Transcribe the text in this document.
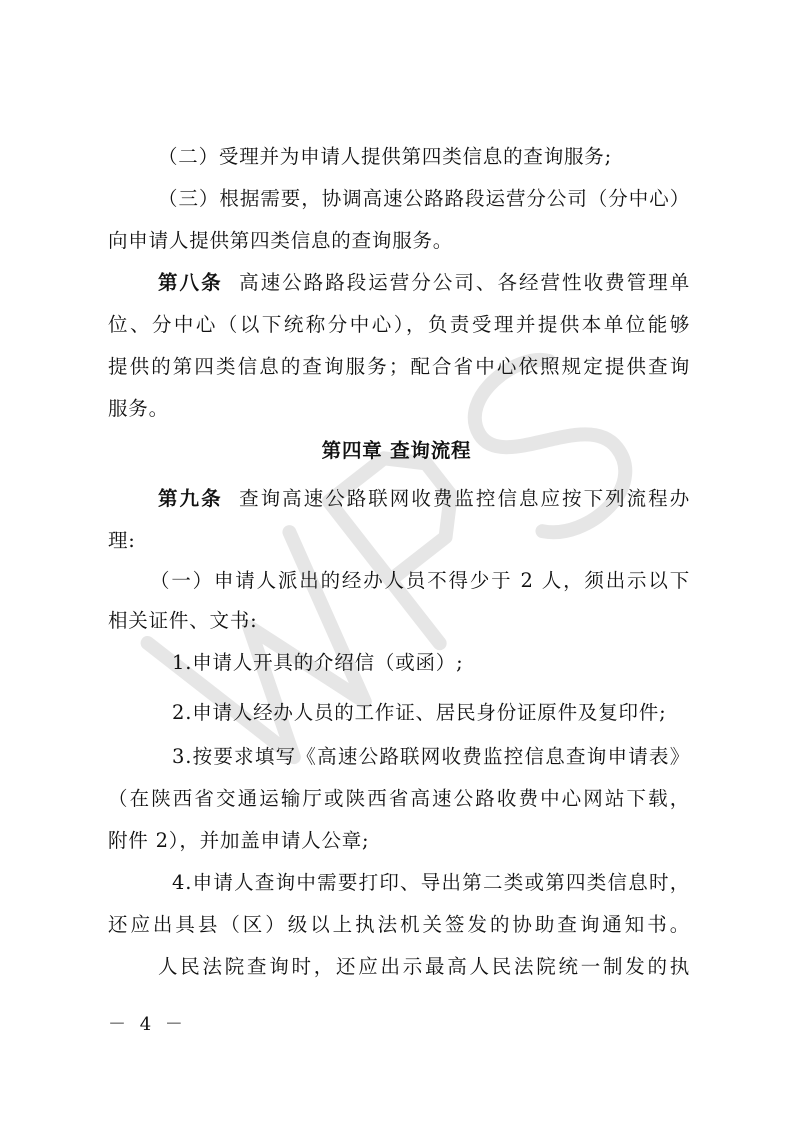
（二）受理并为申请人提供第四类信息的查询服务;
（三）根据需要，协调高速公路路段运营分公司（分中心）
向申请人提供第四类信息的查询服务。
第八条 高速公路路段运营分公司、各经营性收费管理单
位、分中心（以下统称分中心），负责受理并提供本单位能够
提供的第四类信息的查询服务；配合省中心依照规定提供查询
服务。
第四章 查询流程
第九条 查询高速公路联网收费监控信息应按下列流程办
理:
（一）申请人派出的经办人员不得少于 2 人，须出示以下
相关证件、文书:
1.申请人开具的介绍信（或函）;
2.申请人经办人员的工作证、居民身份证原件及复印件;
3.按要求填写《高速公路联网收费监控信息查询申请表》
（在陕西省交通运输厅或陕西省高速公路收费中心网站下载，
附件 2），并加盖申请人公章;
4.申请人查询中需要打印、导出第二类或第四类信息时，
还应出具县（区）级以上执法机关签发的协助查询通知书。
人民法院查询时，还应出示最高人民法院统一制发的执
－ 4 －
